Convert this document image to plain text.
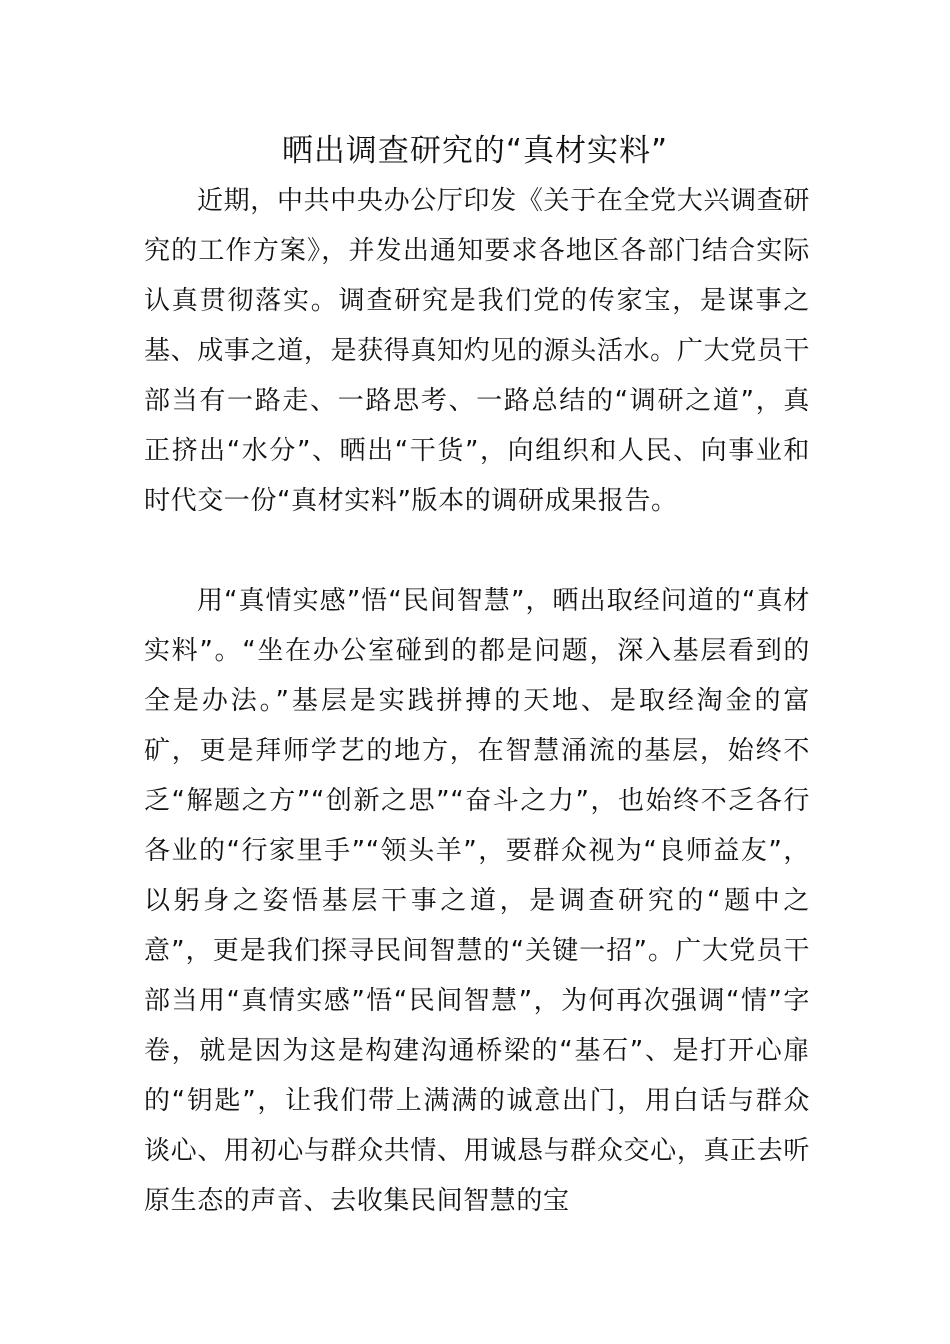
晒出调查研究的“真材实料”

近期，中共中央办公厅印发《关于在全党大兴调查研究的工作方案》，并发出通知要求各地区各部门结合实际认真贯彻落实。调查研究是我们党的传家宝，是谋事之基、成事之道，是获得真知灼见的源头活水。广大党员干部当有一路走、一路思考、一路总结的“调研之道”，真正挤出“水分”、晒出“干货”，向组织和人民、向事业和时代交一份“真材实料”版本的调研成果报告。

用“真情实感”悟“民间智慧”，晒出取经问道的“真材实料”。“坐在办公室碰到的都是问题，深入基层看到的全是办法。”基层是实践拼搏的天地、是取经淘金的富矿，更是拜师学艺的地方，在智慧涌流的基层，始终不乏“解题之方”“创新之思”“奋斗之力”，也始终不乏各行各业的“行家里手”“领头羊”，要群众视为“良师益友”，以躬身之姿悟基层干事之道，是调查研究的“题中之意”，更是我们探寻民间智慧的“关键一招”。广大党员干部当用“真情实感”悟“民间智慧”，为何再次强调“情”字卷，就是因为这是构建沟通桥梁的“基石”、是打开心扉的“钥匙”，让我们带上满满的诚意出门，用白话与群众谈心、用初心与群众共情、用诚恳与群众交心，真正去听原生态的声音、去收集民间智慧的宝
